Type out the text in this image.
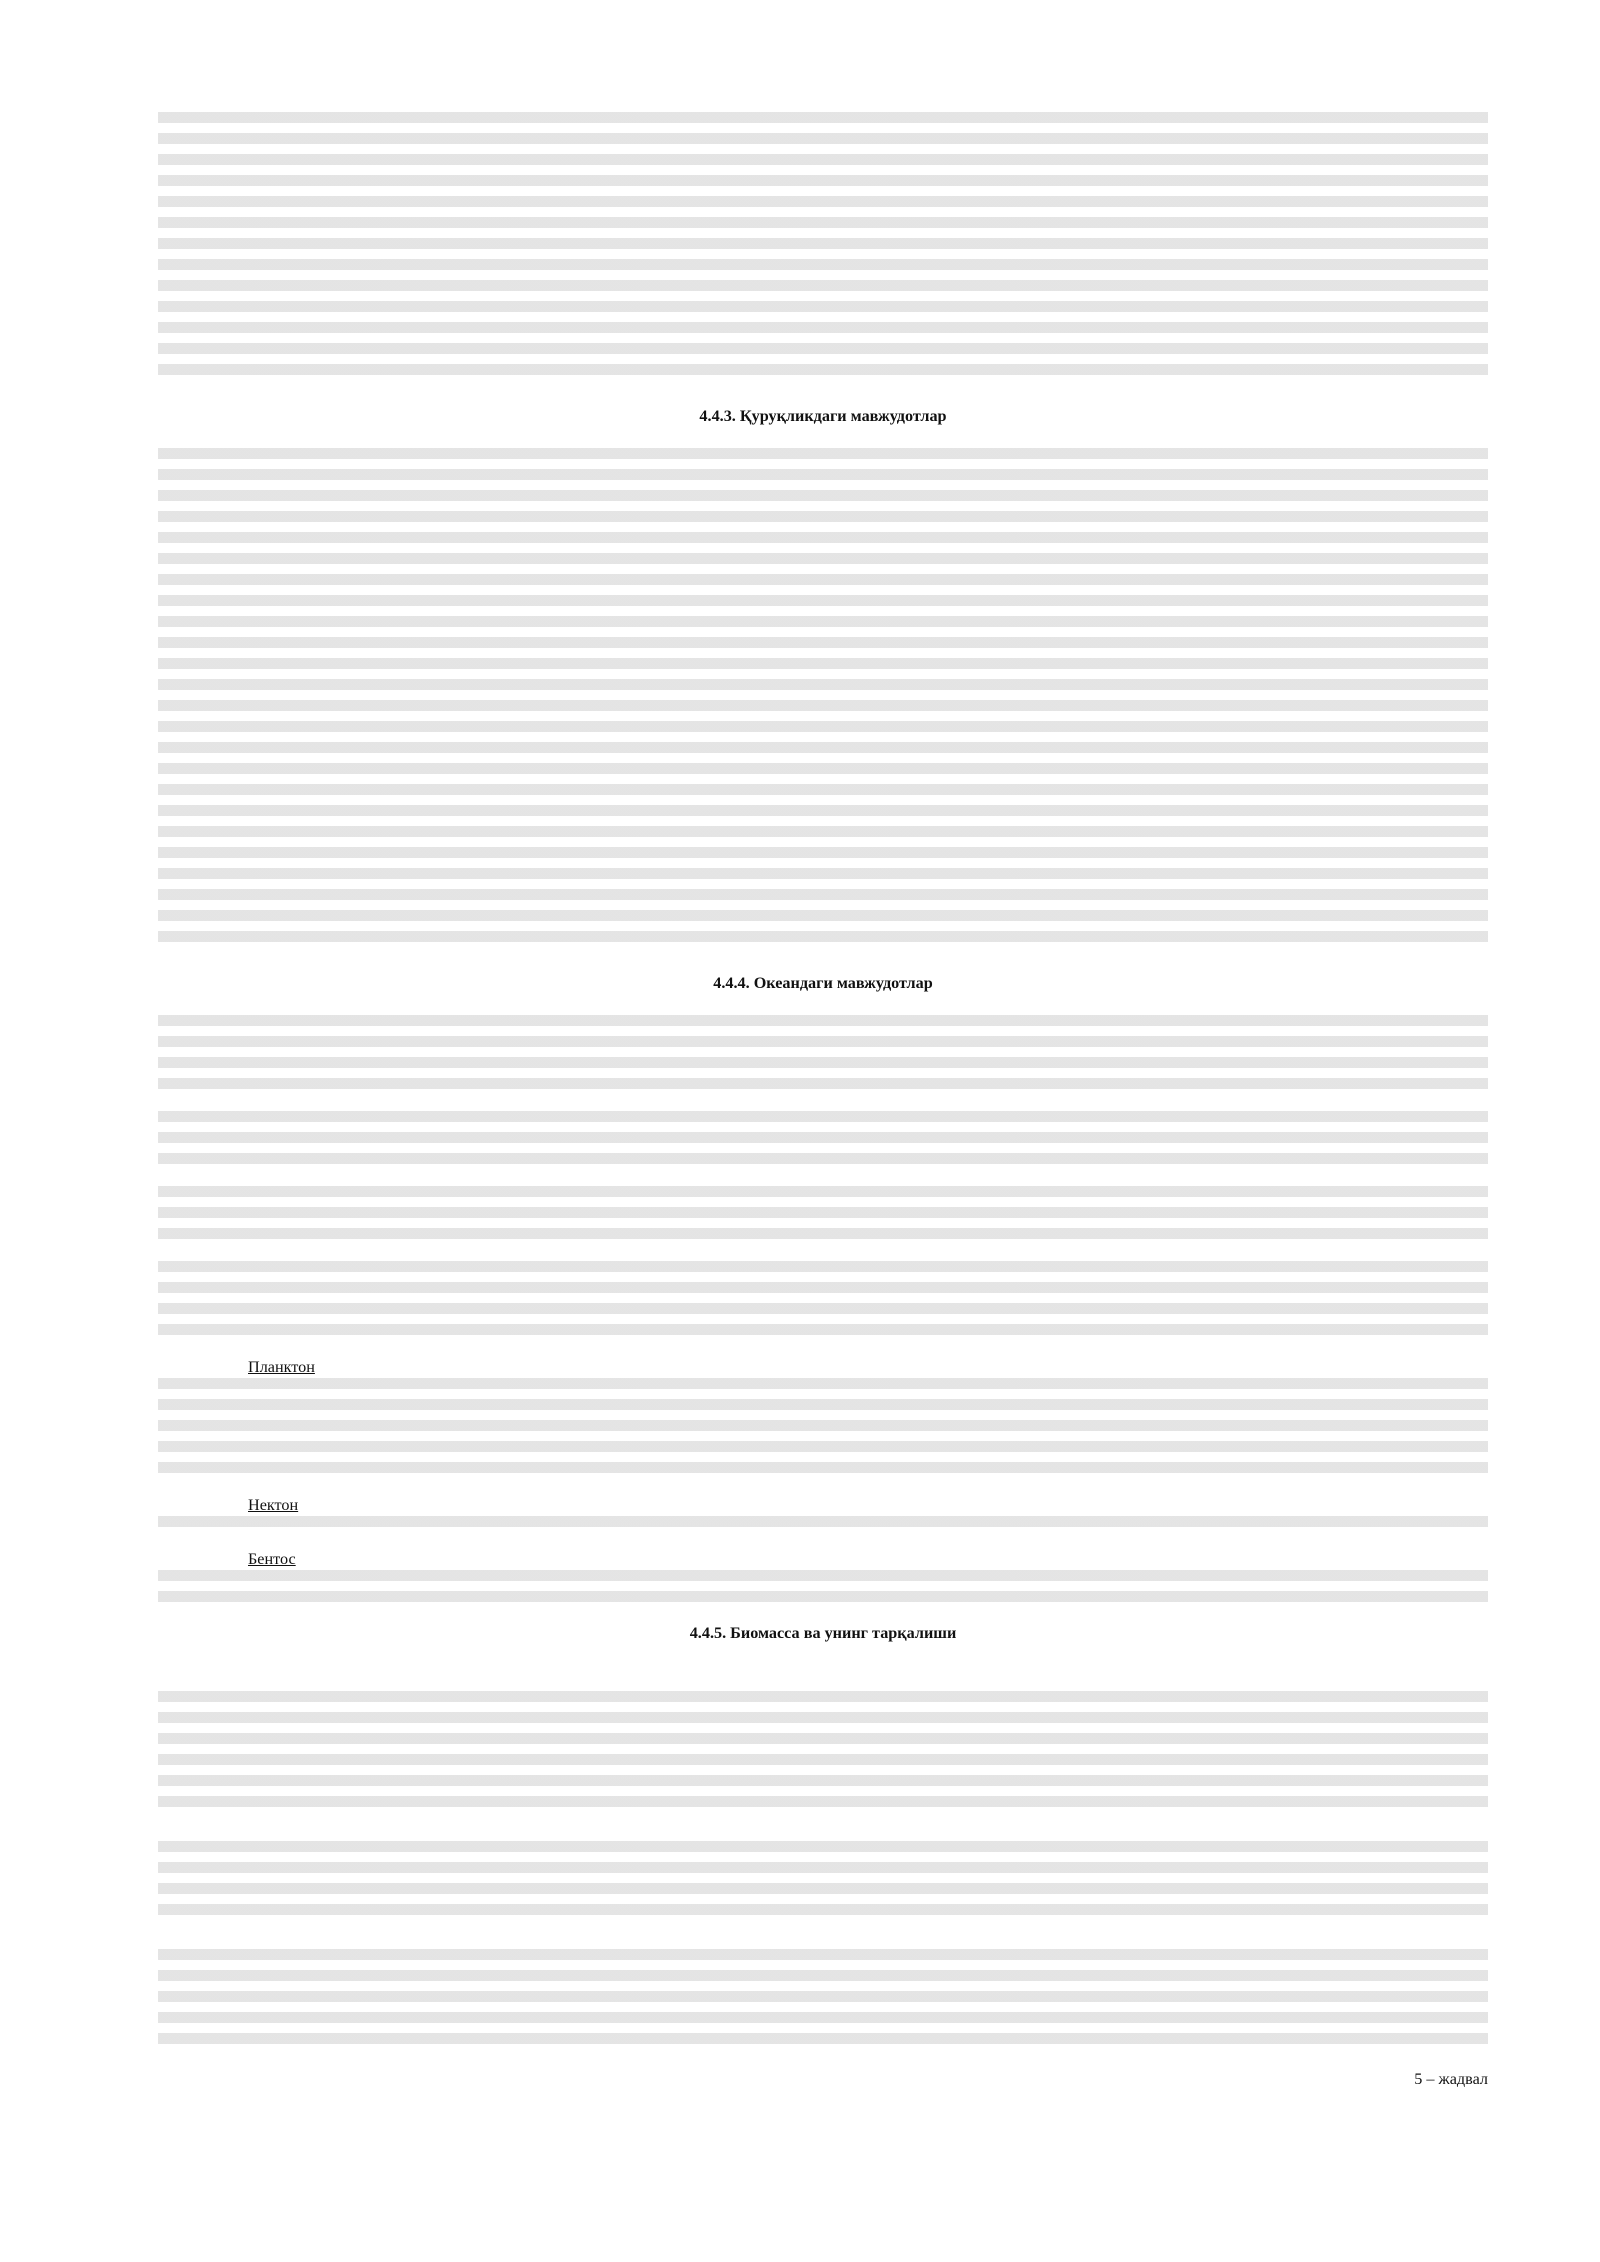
4.4.3. Қуруқликдаги мавжудотлар

4.4.4. Океандаги мавжудотлар

Планктон
Нектон
Бентос

4.4.5. Биомасса ва унинг тарқалиши

5 – жадвал
